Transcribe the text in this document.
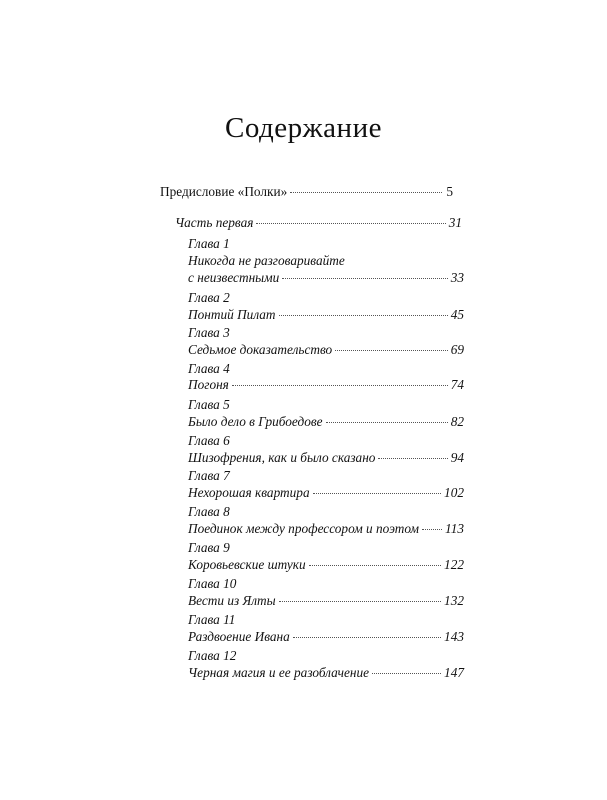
Содержание
Предисловие «Полки»	5
Часть первая	31
Глава 1
Никогда не разговаривайте
с неизвестными	33
Глава 2
Понтий Пилат	45
Глава 3
Седьмое доказательство	69
Глава 4
Погоня	74
Глава 5
Было дело в Грибоедове	82
Глава 6
Шизофрения, как и было сказано	94
Глава 7
Нехорошая квартира	102
Глава 8
Поединок между профессором и поэтом 113
Глава 9
Коровьевские штуки	122
Глава 10
Вести из Ялты	132
Глава 11
Раздвоение Ивана	143
Глава 12
Черная магия и ее разоблачение	147
